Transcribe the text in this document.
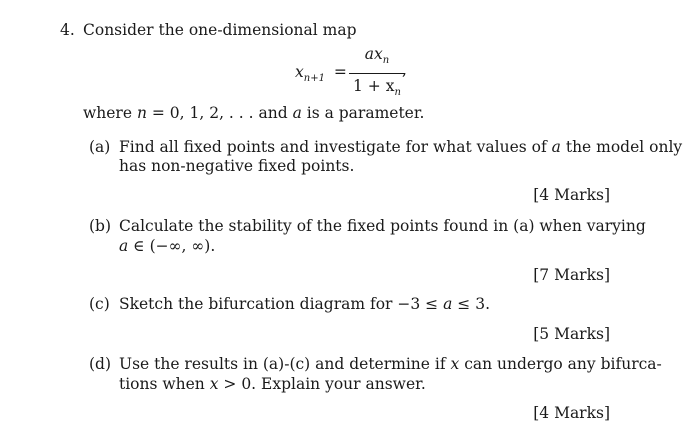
4. Consider the one-dimensional map
$x_{n+1}$ =
$ax_n$
$1 + x_n$
,
where n = 0, 1, 2, . . . and a is a parameter.
(a) Find all fixed points and investigate for what values of a the model only
has non-negative fixed points.
[4 Marks]
(b) Calculate the stability of the fixed points found in (a) when varying
a ∈ (−∞, ∞).
[7 Marks]
(c) Sketch the bifurcation diagram for −3 ≤ a ≤ 3.
[5 Marks]
(d) Use the results in (a)-(c) and determine if x can undergo any bifurca-
tions when x > 0. Explain your answer.
[4 Marks]
